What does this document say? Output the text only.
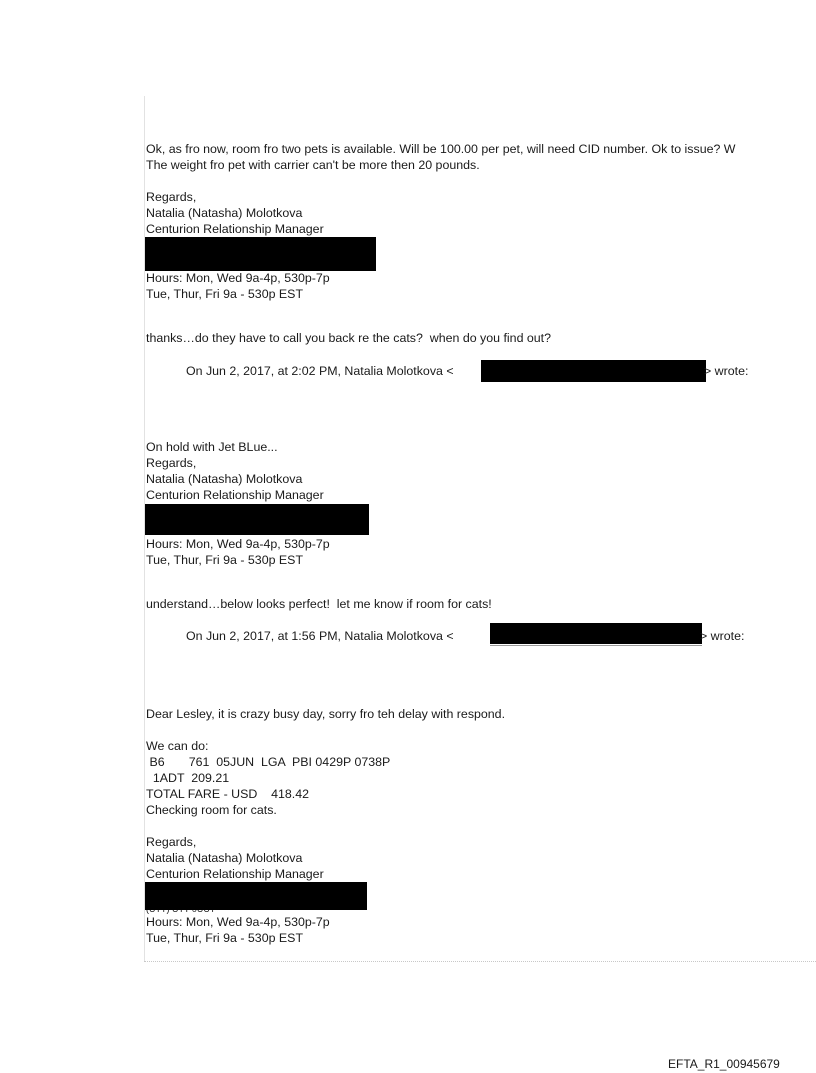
Ok, as fro now, room fro two pets is available. Will be 100.00 per pet, will need CID number. Ok to issue? W
The weight fro pet with carrier can't be more then 20 pounds.
Regards,
Natalia (Natasha) Molotkova
Centurion Relationship Manager
Hours: Mon, Wed 9a-4p, 530p-7p
Tue, Thur, Fri 9a - 530p EST
thanks…do they have to call you back re the cats?  when do you find out?
On Jun 2, 2017, at 2:02 PM, Natalia Molotkova <	> wrote:
On hold with Jet BLue...
Regards,
Natalia (Natasha) Molotkova
Centurion Relationship Manager
Hours: Mon, Wed 9a-4p, 530p-7p
Tue, Thur, Fri 9a - 530p EST
understand…below looks perfect!  let me know if room for cats!
On Jun 2, 2017, at 1:56 PM, Natalia Molotkova <	> wrote:
Dear Lesley, it is crazy busy day, sorry fro teh delay with respond.
We can do:
B6       761  05JUN  LGA  PBI 0429P 0738P
1ADT  209.21
TOTAL FARE - USD    418.42
Checking room for cats.
Regards,
Natalia (Natasha) Molotkova
Centurion Relationship Manager
Hours: Mon, Wed 9a-4p, 530p-7p
Tue, Thur, Fri 9a - 530p EST
EFTA_R1_00945679
